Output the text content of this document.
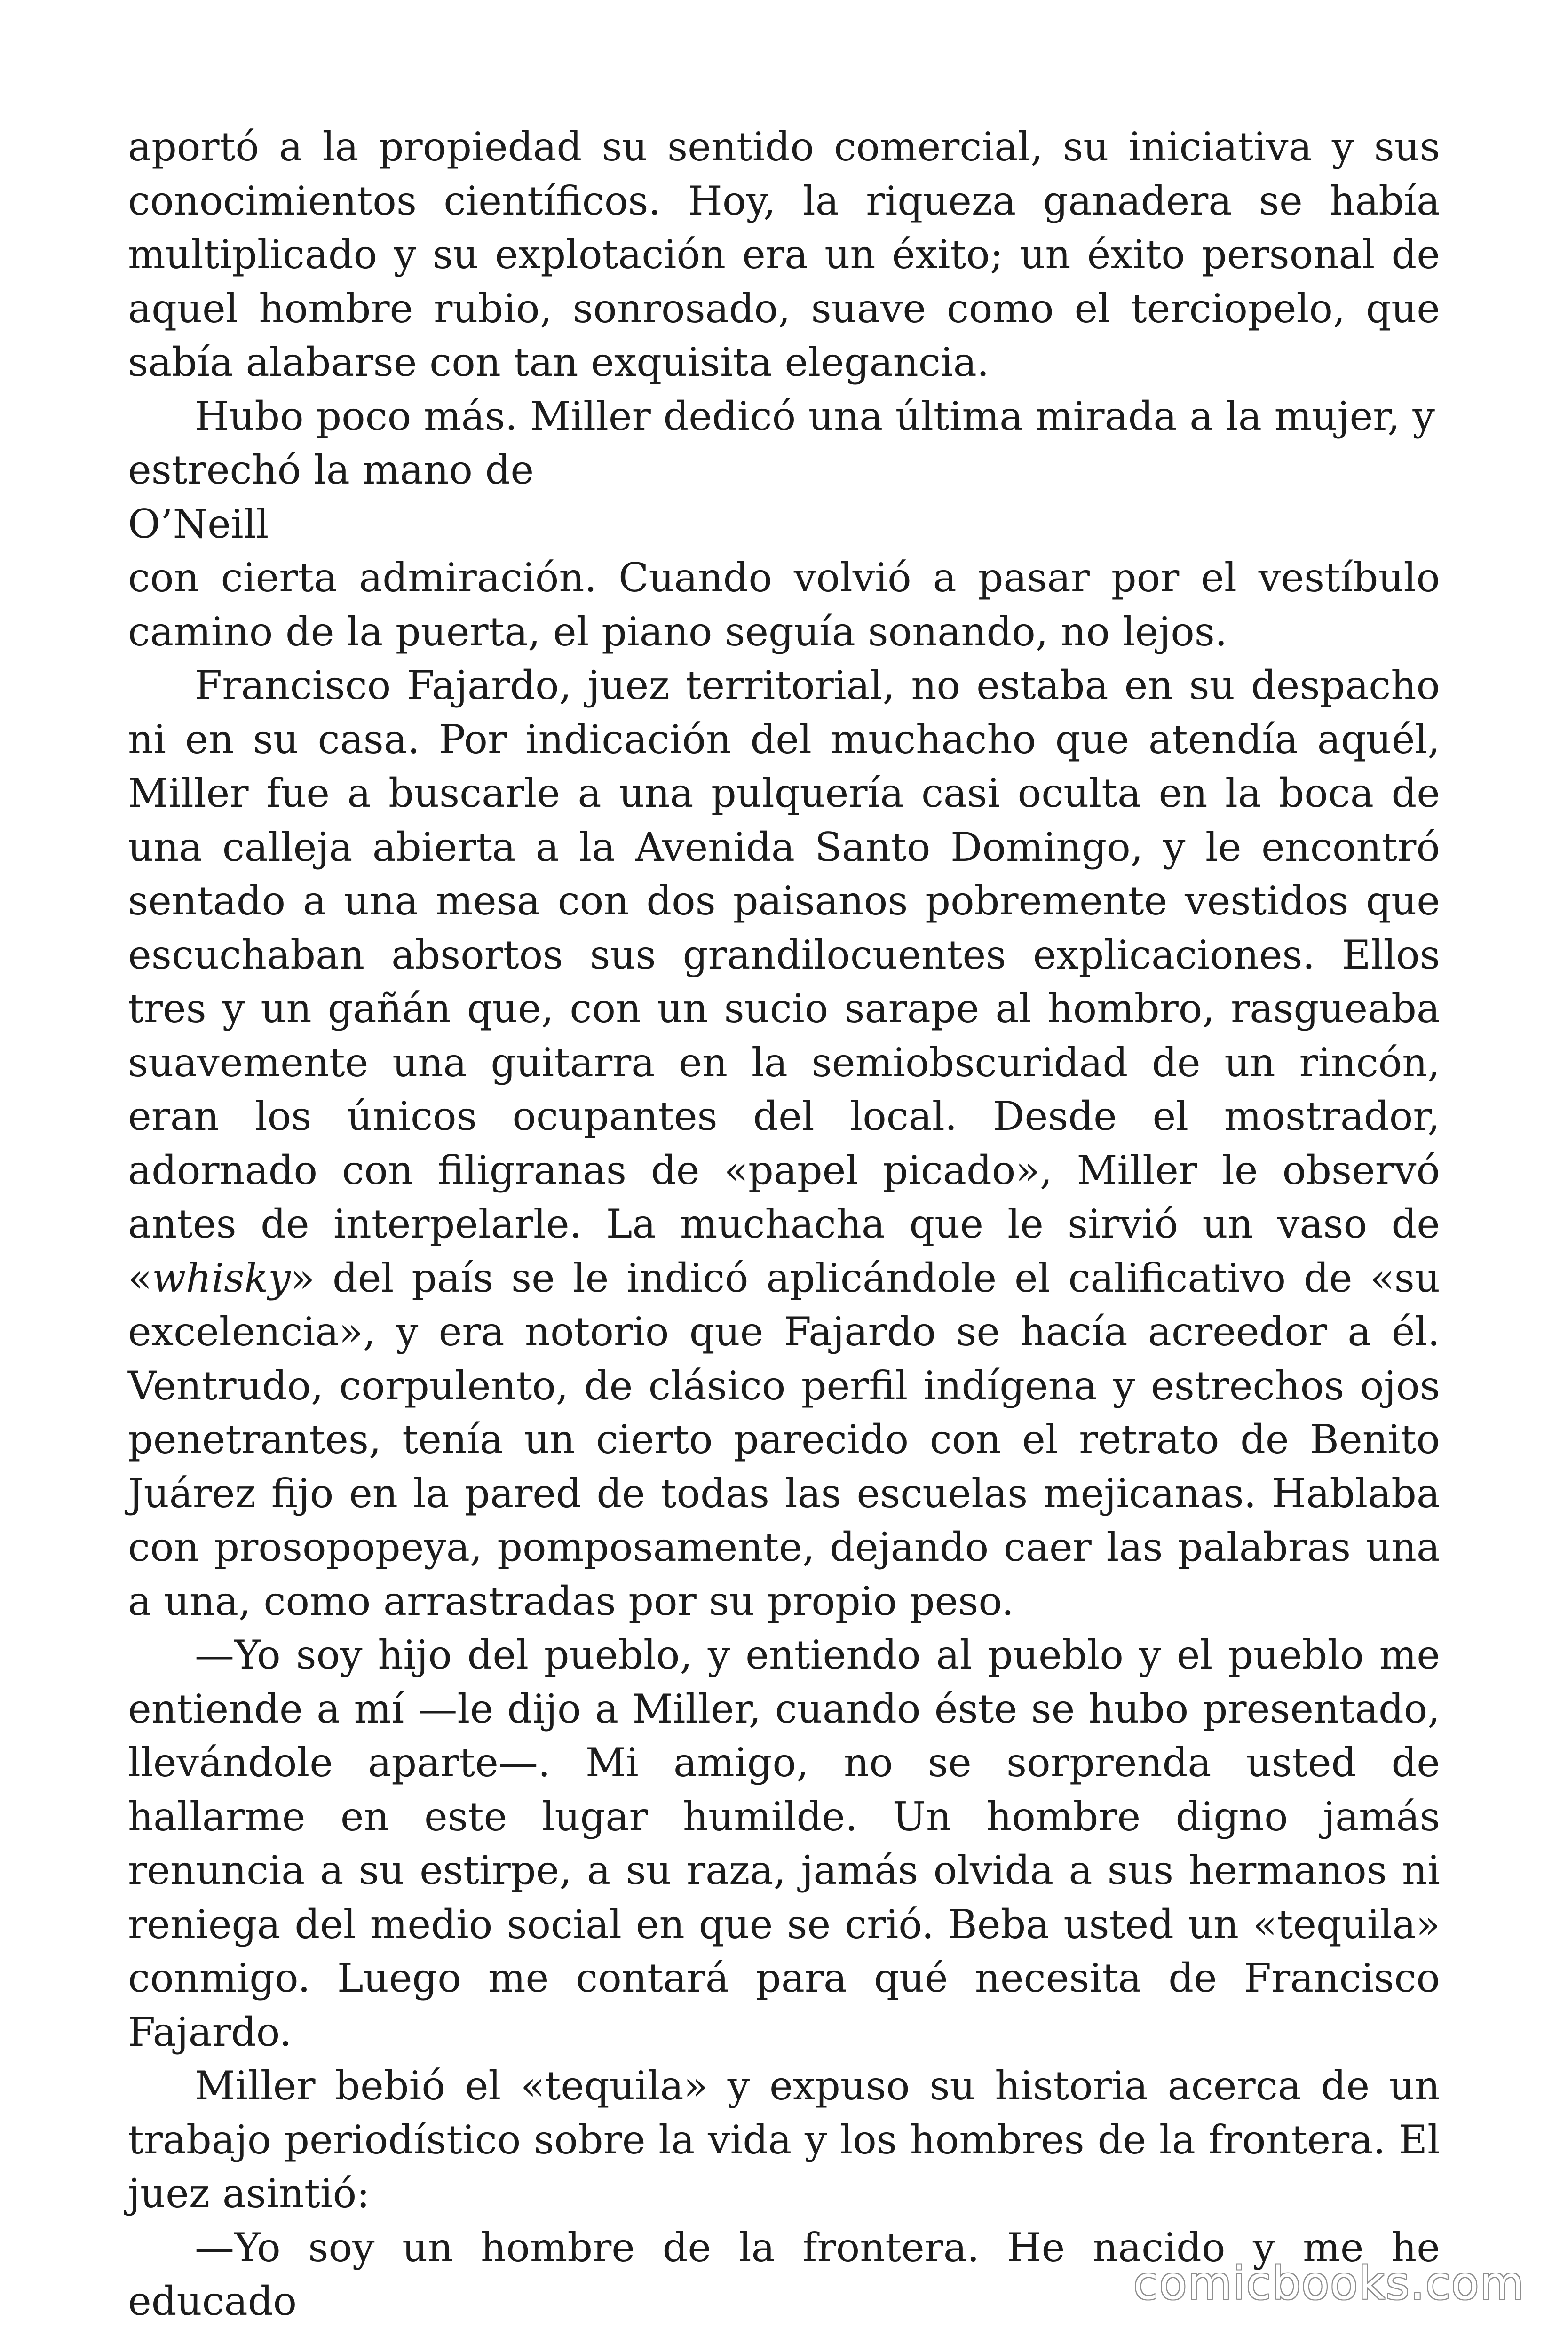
aportó a la propiedad su sentido comercial, su iniciativa y sus conocimientos científicos. Hoy, la riqueza ganadera se había multiplicado y su explotación era un éxito; un éxito personal de aquel hombre rubio, sonrosado, suave como el terciopelo, que sabía alabarse con tan exquisita elegancia.

Hubo poco más. Miller dedicó una última mirada a la mujer, y estrechó la mano de

O’Neill

con cierta admiración. Cuando volvió a pasar por el vestíbulo camino de la puerta, el piano seguía sonando, no lejos.

Francisco Fajardo, juez territorial, no estaba en su despacho ni en su casa. Por indicación del muchacho que atendía aquél, Miller fue a buscarle a una pulquería casi oculta en la boca de una calleja abierta a la Avenida Santo Domingo, y le encontró sentado a una mesa con dos paisanos pobremente vestidos que escuchaban absortos sus grandilocuentes explicaciones. Ellos tres y un gañán que, con un sucio sarape al hombro, rasgueaba suavemente una guitarra en la semiobscuridad de un rincón, eran los únicos ocupantes del local. Desde el mostrador, adornado con filigranas de «papel picado», Miller le observó antes de interpelarle. La muchacha que le sirvió un vaso de «whisky» del país se le indicó aplicándole el calificativo de «su excelencia», y era notorio que Fajardo se hacía acreedor a él. Ventrudo, corpulento, de clásico perfil indígena y estrechos ojos penetrantes, tenía un cierto parecido con el retrato de Benito Juárez fijo en la pared de todas las escuelas mejicanas. Hablaba con prosopopeya, pomposamente, dejando caer las palabras una a una, como arrastradas por su propio peso.

—Yo soy hijo del pueblo, y entiendo al pueblo y el pueblo me entiende a mí —le dijo a Miller, cuando éste se hubo presentado, llevándole aparte—. Mi amigo, no se sorprenda usted de hallarme en este lugar humilde. Un hombre digno jamás renuncia a su estirpe, a su raza, jamás olvida a sus hermanos ni reniega del medio social en que se crió. Beba usted un «tequila» conmigo. Luego me contará para qué necesita de Francisco Fajardo.

Miller bebió el «tequila» y expuso su historia acerca de un trabajo periodístico sobre la vida y los hombres de la frontera. El juez asintió:

—Yo soy un hombre de la frontera. He nacido y me he educado	comicbooks.com
